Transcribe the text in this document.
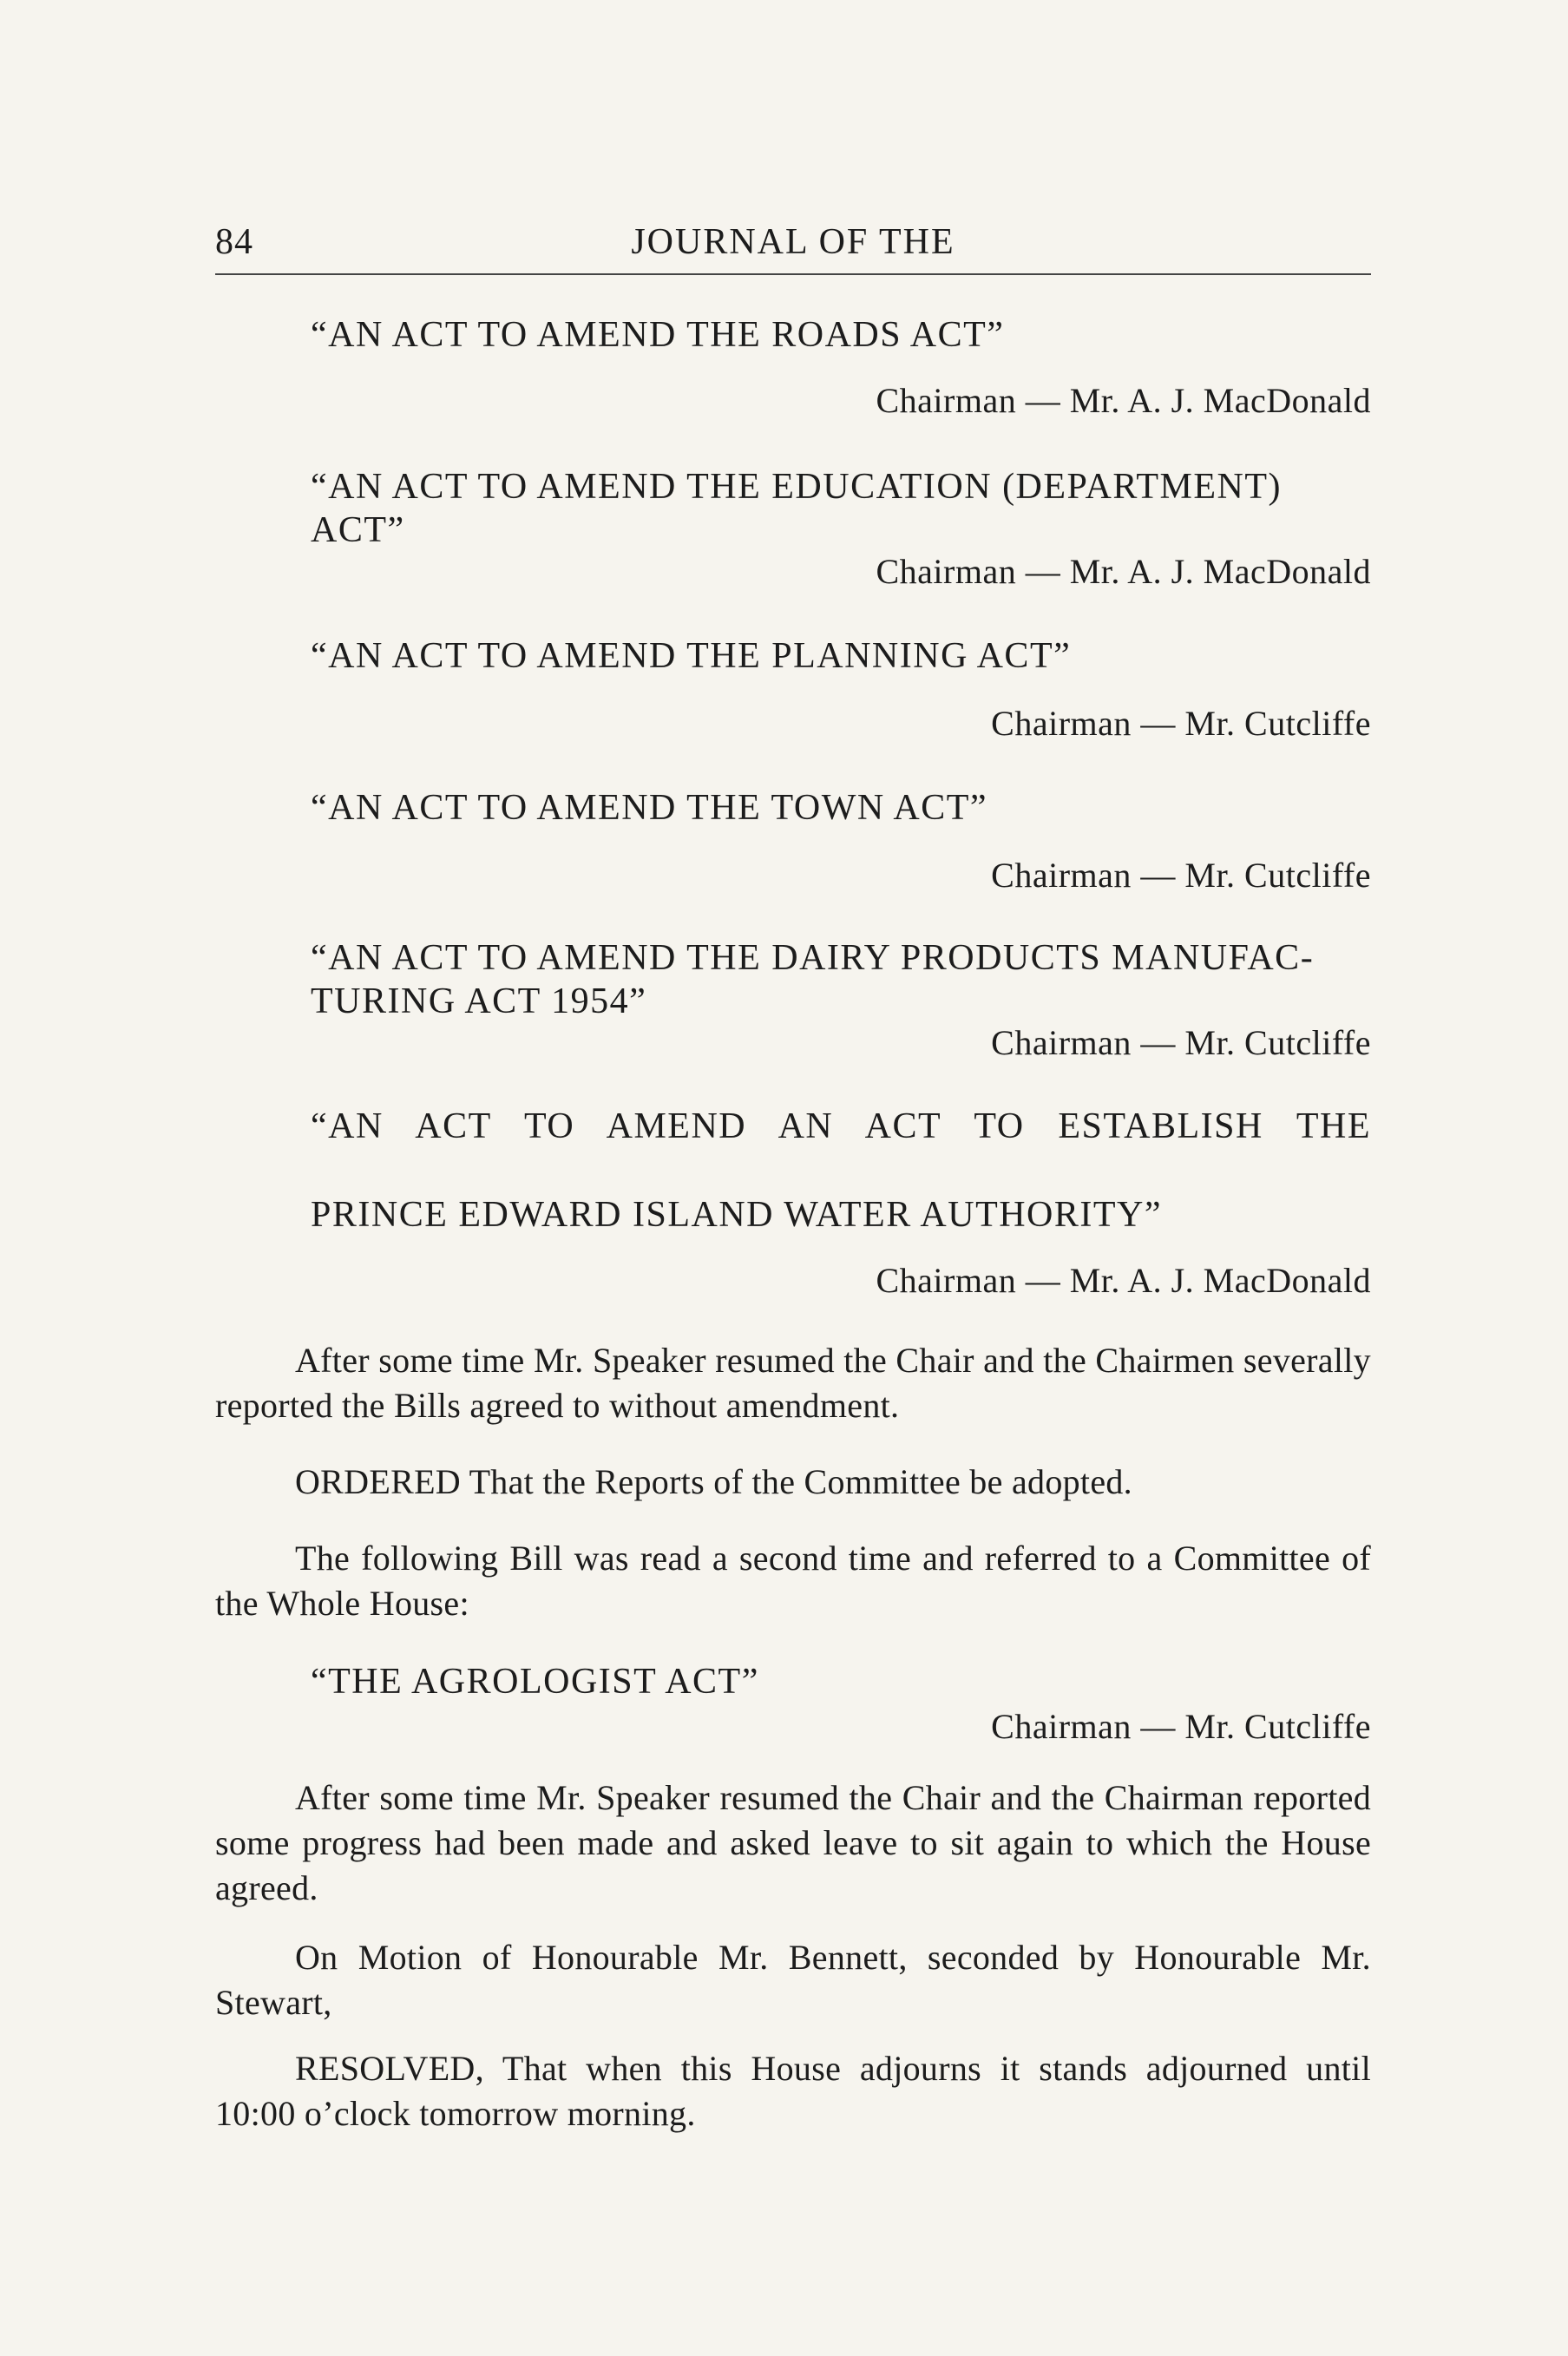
84	JOURNAL OF THE
“AN ACT TO AMEND THE ROADS ACT”
Chairman — Mr. A. J. MacDonald
“AN ACT TO AMEND THE EDUCATION (DEPARTMENT)
ACT”
Chairman — Mr. A. J. MacDonald
“AN ACT TO AMEND THE PLANNING ACT”
Chairman — Mr. Cutcliffe
“AN ACT TO AMEND THE TOWN ACT”
Chairman — Mr. Cutcliffe
“AN ACT TO AMEND THE DAIRY PRODUCTS MANUFAC-
TURING ACT 1954”
Chairman — Mr. Cutcliffe
“AN ACT TO AMEND AN ACT TO ESTABLISH THE
PRINCE EDWARD ISLAND WATER AUTHORITY”
Chairman — Mr. A. J. MacDonald
After some time Mr. Speaker resumed the Chair and the Chairmen severally reported the Bills agreed to without amendment.
ORDERED That the Reports of the Committee be adopted.
The following Bill was read a second time and referred to a Committee of the Whole House:
“THE AGROLOGIST ACT”
Chairman — Mr. Cutcliffe
After some time Mr. Speaker resumed the Chair and the Chairman reported some progress had been made and asked leave to sit again to which the House agreed.
On Motion of Honourable Mr. Bennett, seconded by Honourable Mr. Stewart,
RESOLVED, That when this House adjourns it stands adjourned until 10:00 o’clock tomorrow morning.
